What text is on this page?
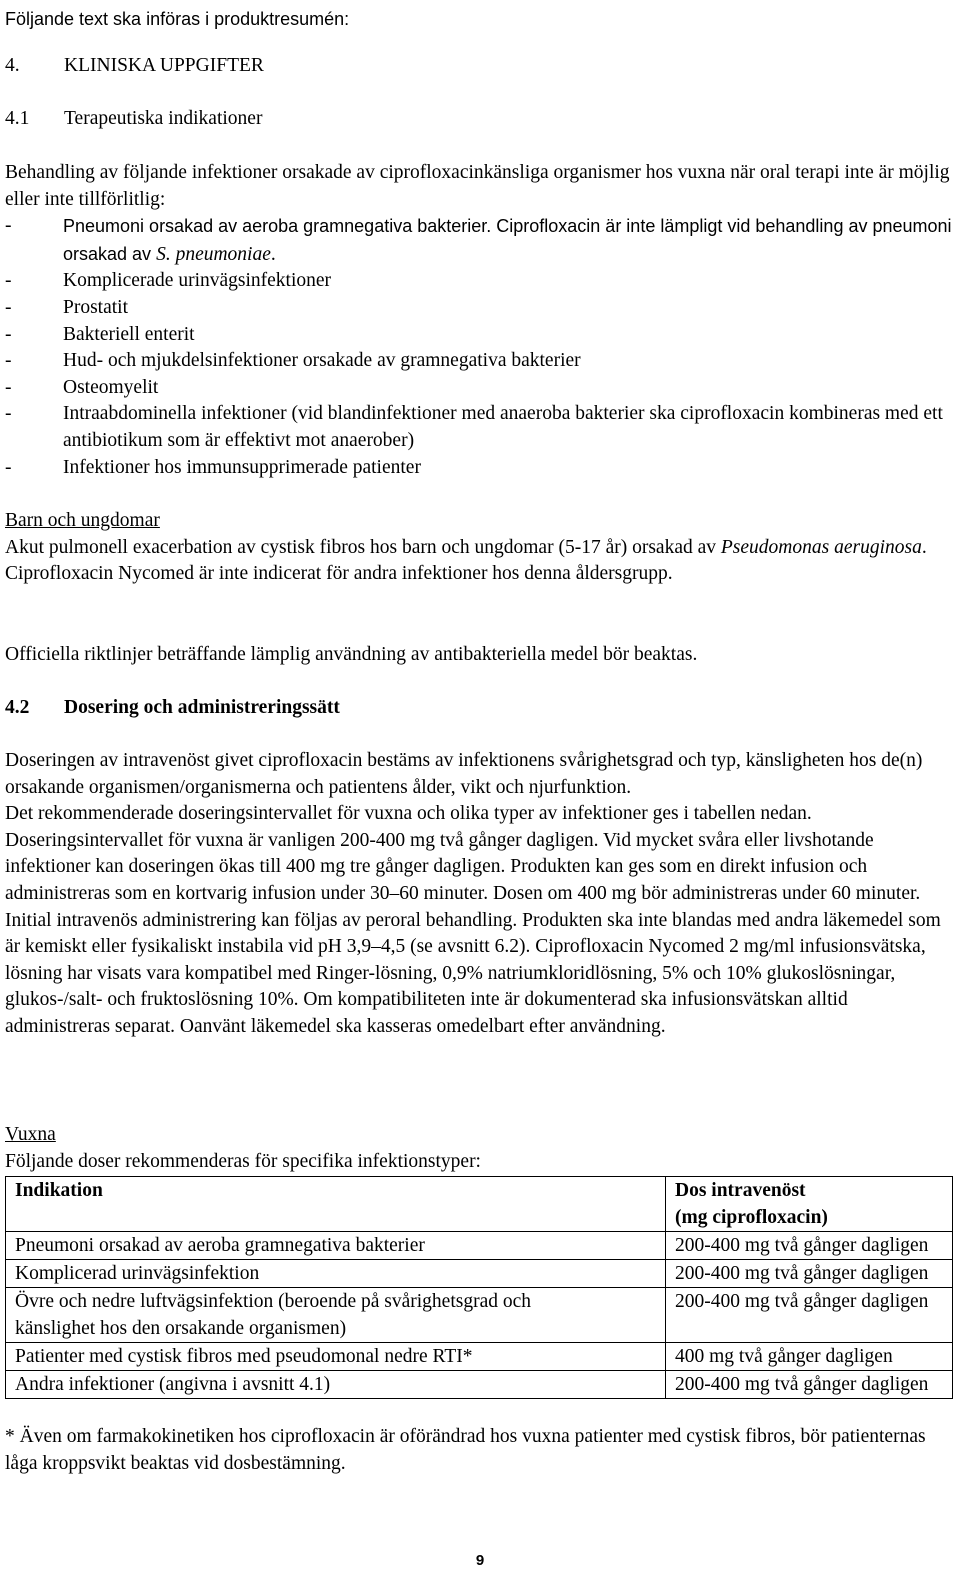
Följande text ska införas i produktresumén:

4. KLINISKA UPPGIFTER

4.1 Terapeutiska indikationer

Behandling av följande infektioner orsakade av ciprofloxacinkänsliga organismer hos vuxna när oral terapi inte är möjlig eller inte tillförlitlig:

-	Pneumoni orsakad av aeroba gramnegativa bakterier. Ciprofloxacin är inte lämpligt vid behandling av pneumoni orsakad av S. pneumoniae.
-	Komplicerade urinvägsinfektioner
-	Prostatit
-	Bakteriell enterit
-	Hud- och mjukdelsinfektioner orsakade av gramnegativa bakterier
-	Osteomyelit
-	Intraabdominella infektioner (vid blandinfektioner med anaeroba bakterier ska ciprofloxacin kombineras med ett antibiotikum som är effektivt mot anaerober)
-	Infektioner hos immunsupprimerade patienter

Barn och ungdomar

Akut pulmonell exacerbation av cystisk fibros hos barn och ungdomar (5-17 år) orsakad av Pseudomonas aeruginosa.

Ciprofloxacin Nycomed är inte indicerat för andra infektioner hos denna åldersgrupp.

Officiella riktlinjer beträffande lämplig användning av antibakteriella medel bör beaktas.

4.2 Dosering och administreringssätt

Doseringen av intravenöst givet ciprofloxacin bestäms av infektionens svårighetsgrad och typ, känsligheten hos de(n) orsakande organismen/organismerna och patientens ålder, vikt och njurfunktion.

Det rekommenderade doseringsintervallet för vuxna och olika typer av infektioner ges i tabellen nedan. Doseringsintervallet för vuxna är vanligen 200-400 mg två gånger dagligen. Vid mycket svåra eller livshotande infektioner kan doseringen ökas till 400 mg tre gånger dagligen. Produkten kan ges som en direkt infusion och administreras som en kortvarig infusion under 30–60 minuter. Dosen om 400 mg bör administreras under 60 minuter. Initial intravenös administrering kan följas av peroral behandling. Produkten ska inte blandas med andra läkemedel som är kemiskt eller fysikaliskt instabila vid pH 3,9–4,5 (se avsnitt 6.2). Ciprofloxacin Nycomed 2 mg/ml infusionsvätska, lösning har visats vara kompatibel med Ringer-lösning, 0,9% natriumkloridlösning, 5% och 10% glukoslösningar, glukos-/salt- och fruktoslösning 10%. Om kompatibiliteten inte är dokumenterad ska infusionsvätskan alltid administreras separat. Oanvänt läkemedel ska kasseras omedelbart efter användning.

Vuxna

Följande doser rekommenderas för specifika infektionstyper:

* Även om farmakokinetiken hos ciprofloxacin är oförändrad hos vuxna patienter med cystisk fibros, bör patienternas låga kroppsvikt beaktas vid dosbestämning.
Indikation	Dos intravenöst
(mg ciprofloxacin)

Pneumoni orsakad av aeroba gramnegativa bakterier	200-400 mg två gånger dagligen
Komplicerad urinvägsinfektion	200-400 mg två gånger dagligen
Övre och nedre luftvägsinfektion (beroende på svårighetsgrad och känslighet hos den orsakande organismen)	200-400 mg två gånger dagligen
Patienter med cystisk fibros med pseudomonal nedre RTI*	400 mg två gånger dagligen
Andra infektioner (angivna i avsnitt 4.1)	200-400 mg två gånger dagligen
9
